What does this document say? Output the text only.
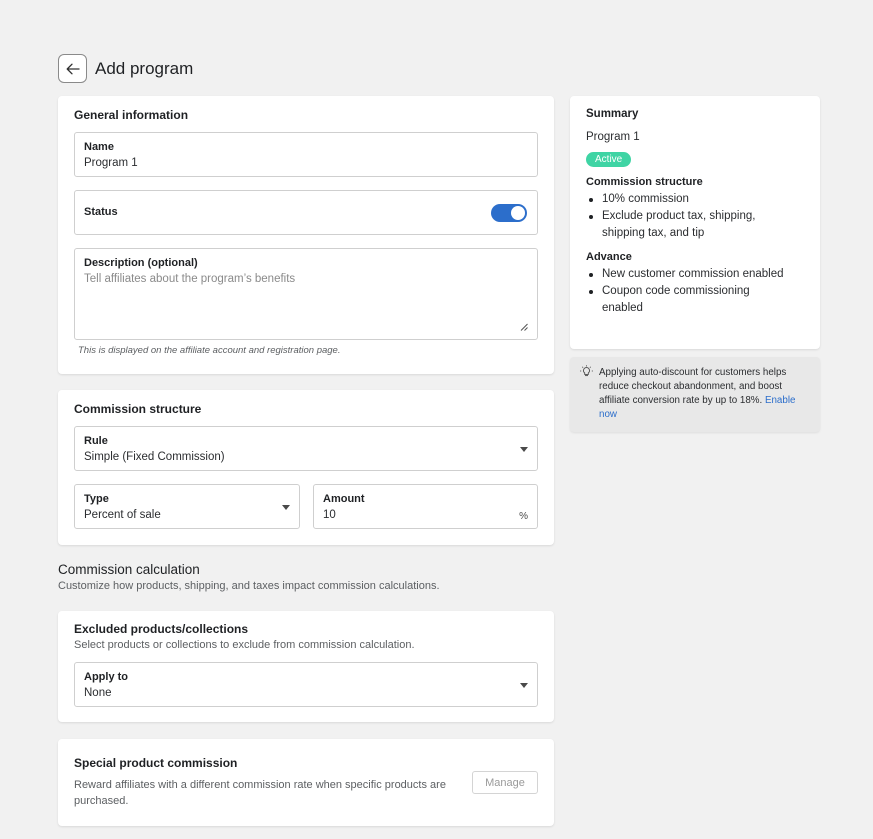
Add program
General information
Name
Program 1
Status
Description (optional)
Tell affiliates about the program’s benefits
This is displayed on the affiliate account and registration page.
Commission structure
Rule
Simple (Fixed Commission)
Type
Percent of sale
Amount
10	%
Commission calculation
Customize how products, shipping, and taxes impact commission calculations.
Excluded products/collections
Select products or collections to exclude from commission calculation.
Apply to
None
Special product commission
Reward affiliates with a different commission rate when specific products are purchased.
Manage
Summary
Program 1
Active
Commission structure
10% commission
Exclude product tax, shipping, shipping tax, and tip
Advance
New customer commission enabled
Coupon code commissioning enabled
Applying auto-discount for customers helps reduce checkout abandonment, and boost affiliate conversion rate by up to 18%. Enable now
